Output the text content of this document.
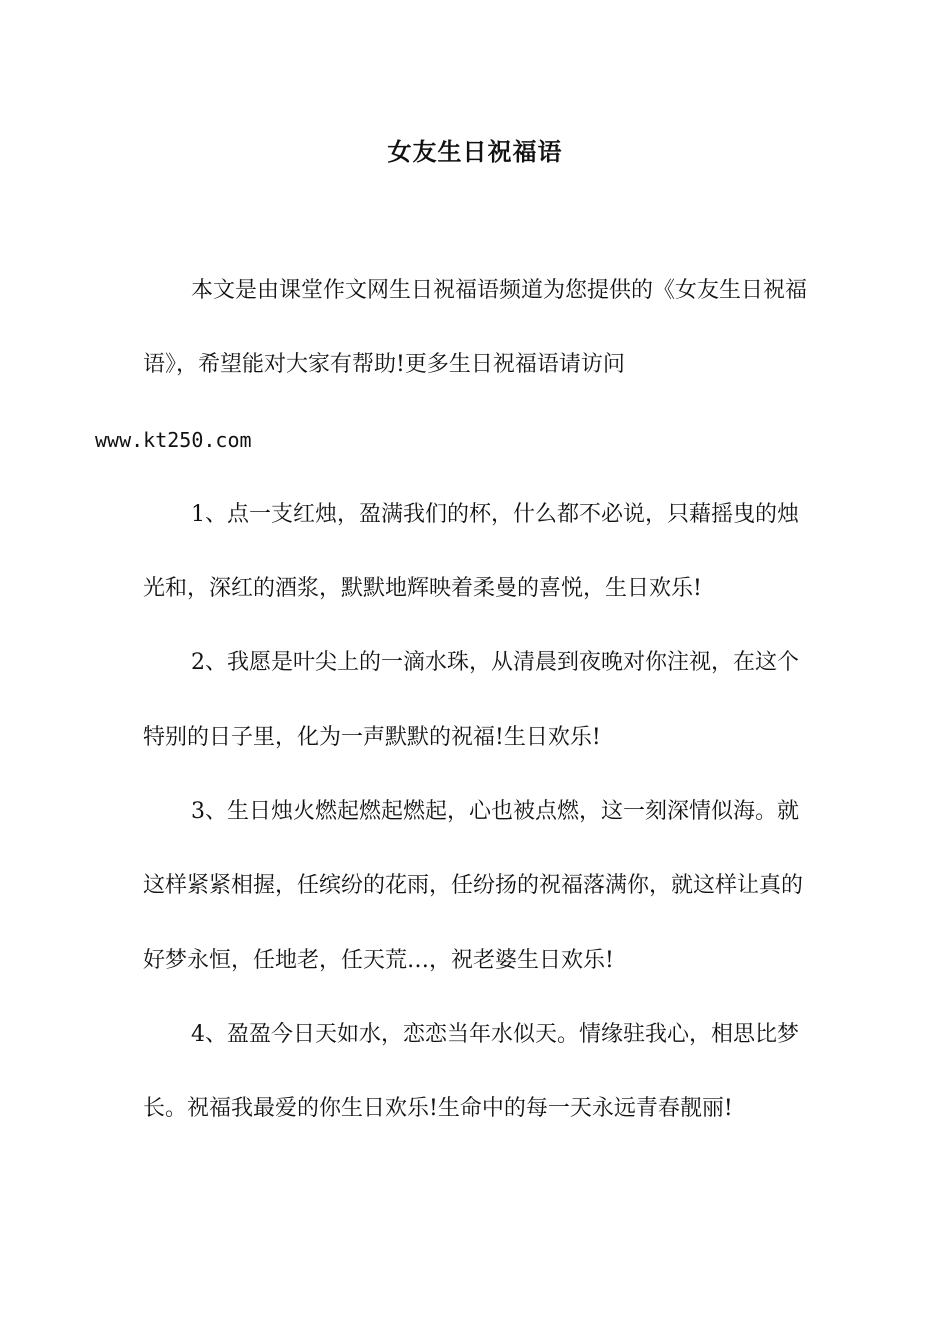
女友生日祝福语

本文是由课堂作文网生日祝福语频道为您提供的《女友生日祝福语》，希望能对大家有帮助!更多生日祝福语请访问
www.kt250.com

1、点一支红烛，盈满我们的杯，什么都不必说，只藉摇曳的烛光和，深红的酒浆，默默地辉映着柔曼的喜悦，生日欢乐!

2、我愿是叶尖上的一滴水珠，从清晨到夜晚对你注视，在这个特别的日子里，化为一声默默的祝福!生日欢乐!

3、生日烛火燃起燃起燃起，心也被点燃，这一刻深情似海。就这样紧紧相握，任缤纷的花雨，任纷扬的祝福落满你，就这样让真的好梦永恒，任地老，任天荒…，祝老婆生日欢乐!

4、盈盈今日天如水，恋恋当年水似天。情缘驻我心，相思比梦长。祝福我最爱的你生日欢乐!生命中的每一天永远青春靓丽!
